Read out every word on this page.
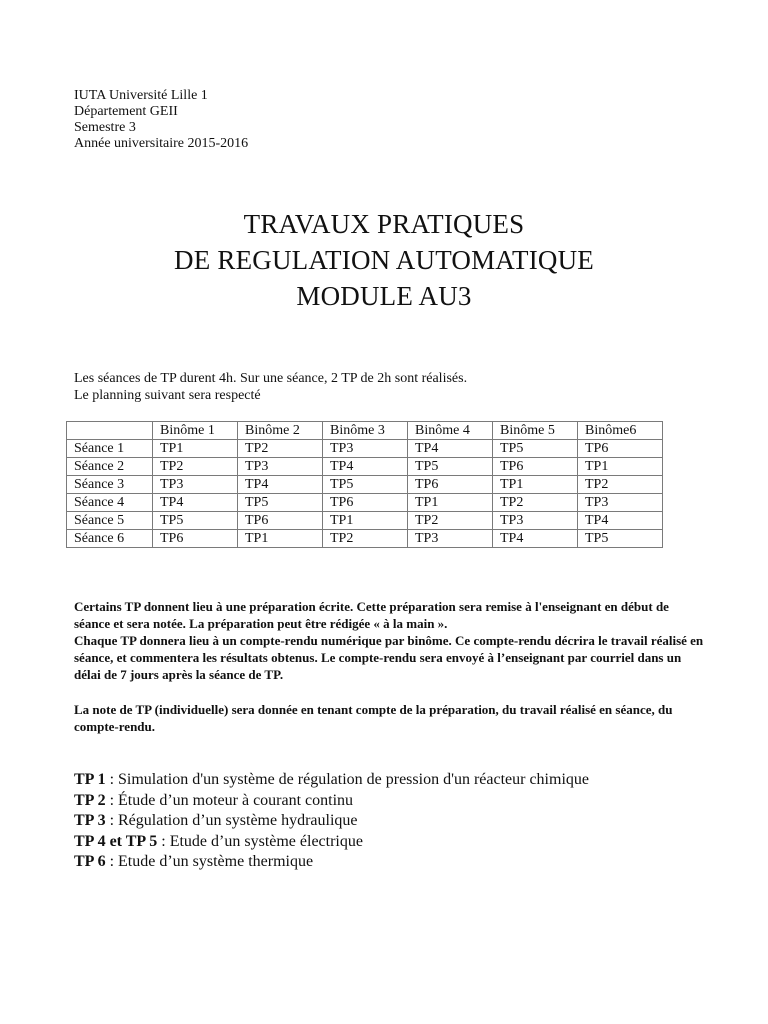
IUTA Université Lille 1
Département GEII
Semestre 3
Année universitaire 2015-2016
TRAVAUX PRATIQUES
DE REGULATION AUTOMATIQUE
MODULE AU3
Les séances de TP durent 4h. Sur une séance, 2 TP de 2h sont réalisés.
Le planning suivant sera respecté
	Binôme 1	Binôme 2	Binôme 3	Binôme 4	Binôme 5	Binôme6
Séance 1	TP1	TP2	TP3	TP4	TP5	TP6
Séance 2	TP2	TP3	TP4	TP5	TP6	TP1
Séance 3	TP3	TP4	TP5	TP6	TP1	TP2
Séance 4	TP4	TP5	TP6	TP1	TP2	TP3
Séance 5	TP5	TP6	TP1	TP2	TP3	TP4
Séance 6	TP6	TP1	TP2	TP3	TP4	TP5

Certains TP donnent lieu à une préparation écrite. Cette préparation sera remise à l'enseignant en début de séance et sera notée. La préparation peut être rédigée « à la main ».

Chaque TP donnera lieu à un compte-rendu numérique par binôme. Ce compte-rendu décrira le travail réalisé en séance, et commentera les résultats obtenus. Le compte-rendu sera envoyé à l’enseignant par courriel dans un délai de 7 jours après la séance de TP.

La note de TP (individuelle) sera donnée en tenant compte de la préparation, du travail réalisé en séance, du compte-rendu.

TP 1 : Simulation d'un système de régulation de pression d'un réacteur chimique
TP 2 : Étude d’un moteur à courant continu
TP 3 : Régulation d’un système hydraulique
TP 4 et TP 5 : Etude d’un système électrique
TP 6 : Etude d’un système thermique
